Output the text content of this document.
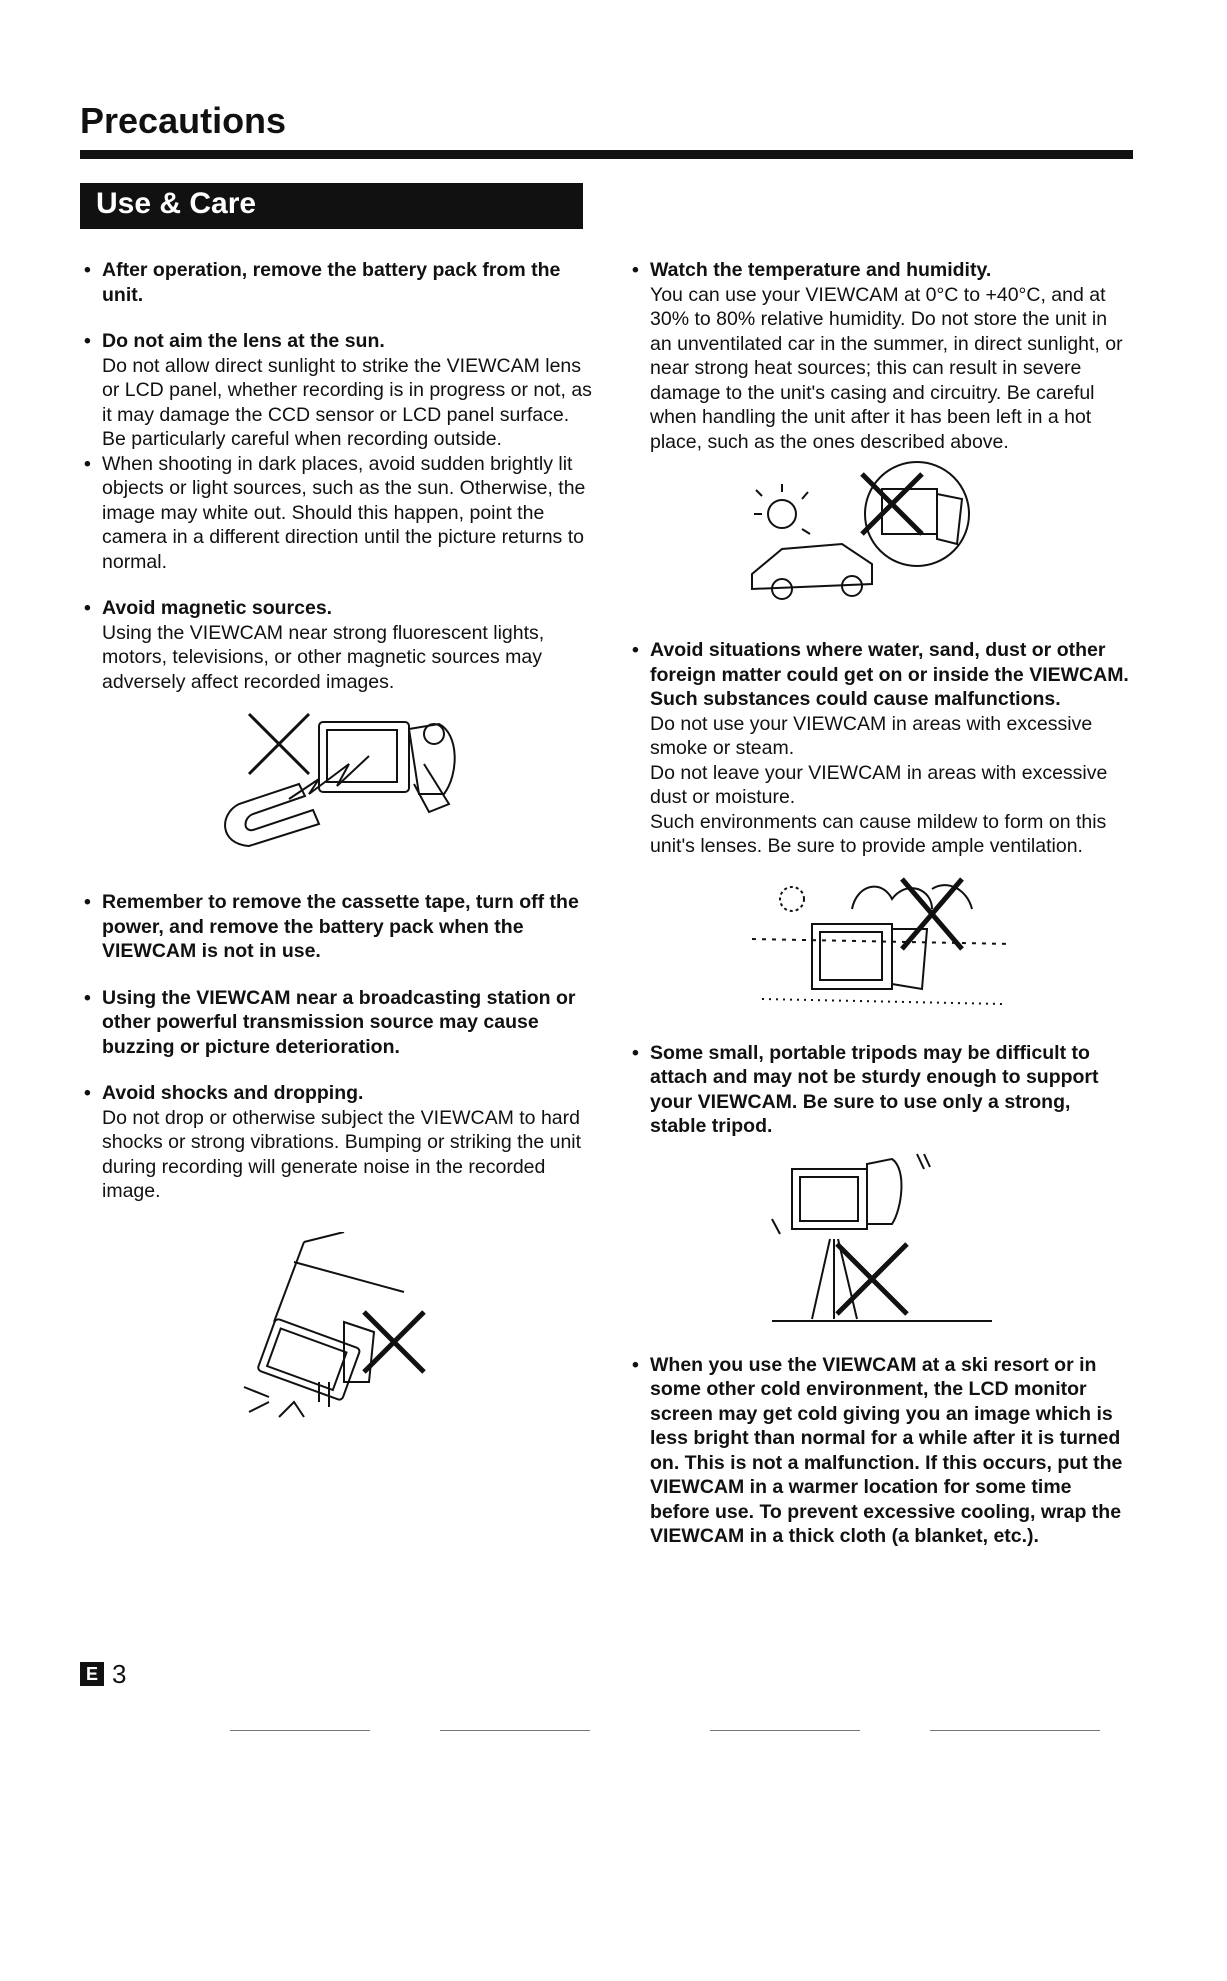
Precautions
Use & Care

• After operation, remove the battery pack from the unit.

• Do not aim the lens at the sun.
Do not allow direct sunlight to strike the VIEWCAM lens or LCD panel, whether recording is in progress or not, as it may damage the CCD sensor or LCD panel surface. Be particularly careful when recording outside.

• When shooting in dark places, avoid sudden brightly lit objects or light sources, such as the sun. Otherwise, the image may white out. Should this happen, point the camera in a different direction until the picture returns to normal.

• Avoid magnetic sources.
Using the VIEWCAM near strong fluorescent lights, motors, televisions, or other magnetic sources may adversely affect recorded images.

• Remember to remove the cassette tape, turn off the power, and remove the battery pack when the VIEWCAM is not in use.

• Using the VIEWCAM near a broadcasting station or other powerful transmission source may cause buzzing or picture deterioration.

• Avoid shocks and dropping.
Do not drop or otherwise subject the VIEWCAM to hard shocks or strong vibrations. Bumping or striking the unit during recording will generate noise in the recorded image.

• Watch the temperature and humidity.
You can use your VIEWCAM at 0°C to +40°C, and at 30% to 80% relative humidity. Do not store the unit in an unventilated car in the summer, in direct sunlight, or near strong heat sources; this can result in severe damage to the unit's casing and circuitry. Be careful when handling the unit after it has been left in a hot place, such as the ones described above.

• Avoid situations where water, sand, dust or other foreign matter could get on or inside the VIEWCAM. Such substances could cause malfunctions.
Do not use your VIEWCAM in areas with excessive smoke or steam.
Do not leave your VIEWCAM in areas with excessive dust or moisture.
Such environments can cause mildew to form on this unit's lenses. Be sure to provide ample ventilation.

• Some small, portable tripods may be difficult to attach and may not be sturdy enough to support your VIEWCAM. Be sure to use only a strong, stable tripod.

• When you use the VIEWCAM at a ski resort or in some other cold environment, the LCD monitor screen may get cold giving you an image which is less bright than normal for a while after it is turned on. This is not a malfunction. If this occurs, put the VIEWCAM in a warmer location for some time before use. To prevent excessive cooling, wrap the VIEWCAM in a thick cloth (a blanket, etc.).

E 3
